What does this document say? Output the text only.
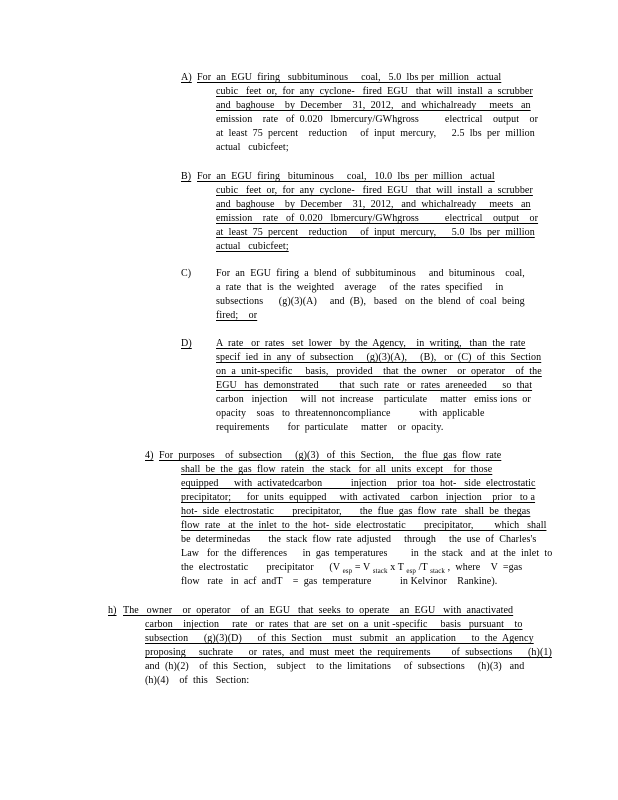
A) For  an  EGU  firing   subbituminous     coal,   5.0  lbs per  million   actual
cubic   feet  or,  for  any  cyclone-   fired  EGU   that  will  install  a  scrubber
and  baghouse    by  December    31,  2012,   and  whichalready     meets   an
emission    rate   of  0.020   lbmercury/GWhgross          electrical    output    or
at  least  75  percent    reduction     of  input  mercury,      2.5  lbs  per  million
actual   cubicfeet;
B) For  an  EGU  firing   bituminous     coal,   10.0  lbs  per  million   actual
cubic   feet  or,  for  any  cyclone-   fired  EGU   that  will  install  a  scrubber
and  baghouse    by  December    31,  2012,   and  whichalready     meets   an
emission    rate   of  0.020   lbmercury/GWhgross          electrical    output    or
at  least  75  percent    reduction     of  input  mercury,      5.0  lbs  per  million
actual   cubicfeet;
C) For  an  EGU  firing  a  blend  of  subbituminous     and  bituminous    coal,
a  rate  that  is  the  weighted    average     of  the  rates  specified     in
subsections      (g)(3)(A)     and  (B),   based   on  the  blend  of  coal  being
fired;    or
D) A  rate   or  rates   set  lower   by  the  Agency,    in  writing,   than  the  rate
specif  ied  in  any  of  subsection     (g)(3)(A),     (B),   or  (C)  of  this  Section
on  a  unit-specific     basis,   provided    that  the  owner    or  operator    of  the
EGU   has  demonstrated        that  such  rate   or  rates  areneeded      so  that
carbon   injection     will  not  increase    particulate     matter   emiss ions  or
opacity    soas   to  threatennoncompliance           with  applicable
requirements       for  particulate     matter    or  opacity.
4) For  purposes    of  subsection     (g)(3)   of  this  Section,    the  flue  gas  flow  rate
shall  be  the  gas  flow  ratein   the  stack   for  all  units  except    for  those
equipped      with  activatedcarbon           injection    prior  toa  hot-   side  electrostatic
precipitator;      for  units  equipped     with  activated    carbon   injection    prior   to a
hot-  side  electrostatic       precipitator,       the  flue  gas  flow  rate   shall  be  thegas
flow  rate   at  the  inlet  to  the  hot-  side  electrostatic       precipitator,        which   shall
be  determinedas       the  stack  flow  rate  adjusted     through     the  use  of  Charles's
Law   for  the  differences      in  gas  temperatures         in  the  stack   and  at  the  inlet  to
the  electrostatic       precipitator      (V $_{esp}$ = V $_{stack}$ x T $_{esp}$ /T $_{stack}$ ,  where    V  =gas
flow   rate   in  acf  andT    =  gas  temperature           in Kelvinor    Rankine).
h) The   owner    or  operator    of  an  EGU   that  seeks  to  operate    an  EGU   with  anactivated
carbon    injection     rate   or  rates  that  are  set  on  a  unit -specific     basis   pursuant    to
subsection      (g)(3)(D)      of  this  Section    must   submit   an  application      to  the  Agency
proposing     suchrate      or  rates,  and  must  meet  the  requirements        of  subsections      (h)(1)
and  (h)(2)    of  this  Section,    subject    to  the  limitations     of  subsections     (h)(3)   and
(h)(4)    of  this   Section:
